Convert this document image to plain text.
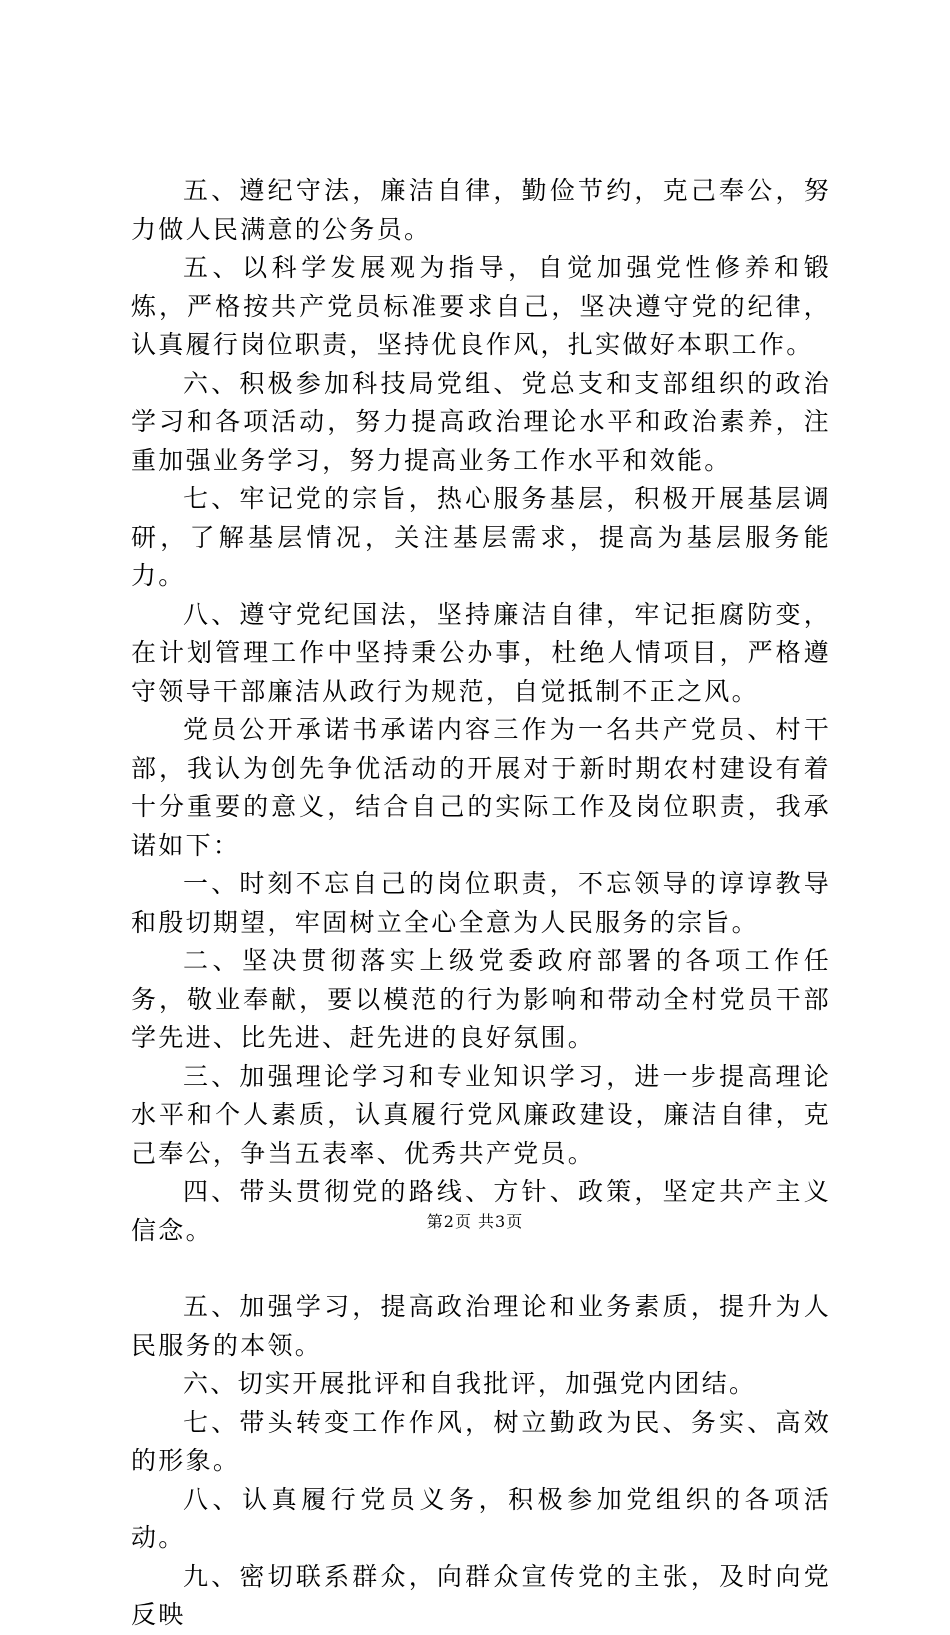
五、遵纪守法，廉洁自律，勤俭节约，克己奉公，努力做人民满意的公务员。

五、以科学发展观为指导，自觉加强党性修养和锻炼，严格按共产党员标准要求自己，坚决遵守党的纪律，认真履行岗位职责，坚持优良作风，扎实做好本职工作。

六、积极参加科技局党组、党总支和支部组织的政治学习和各项活动，努力提高政治理论水平和政治素养，注重加强业务学习，努力提高业务工作水平和效能。

七、牢记党的宗旨，热心服务基层，积极开展基层调研，了解基层情况，关注基层需求，提高为基层服务能力。

八、遵守党纪国法，坚持廉洁自律，牢记拒腐防变，在计划管理工作中坚持秉公办事，杜绝人情项目，严格遵守领导干部廉洁从政行为规范，自觉抵制不正之风。

党员公开承诺书承诺内容三作为一名共产党员、村干部，我认为创先争优活动的开展对于新时期农村建设有着十分重要的意义，结合自己的实际工作及岗位职责，我承诺如下：

一、时刻不忘自己的岗位职责，不忘领导的谆谆教导和殷切期望，牢固树立全心全意为人民服务的宗旨。

二、坚决贯彻落实上级党委政府部署的各项工作任务，敬业奉献，要以模范的行为影响和带动全村党员干部学先进、比先进、赶先进的良好氛围。

三、加强理论学习和专业知识学习，进一步提高理论水平和个人素质，认真履行党风廉政建设，廉洁自律，克己奉公，争当五表率、优秀共产党员。

四、带头贯彻党的路线、方针、政策，坚定共产主义信念。

五、加强学习，提高政治理论和业务素质，提升为人民服务的本领。

六、切实开展批评和自我批评，加强党内团结。

七、带头转变工作作风，树立勤政为民、务实、高效的形象。

八、认真履行党员义务，积极参加党组织的各项活动。

九、密切联系群众，向群众宣传党的主张，及时向党反映

第2页 共3页
